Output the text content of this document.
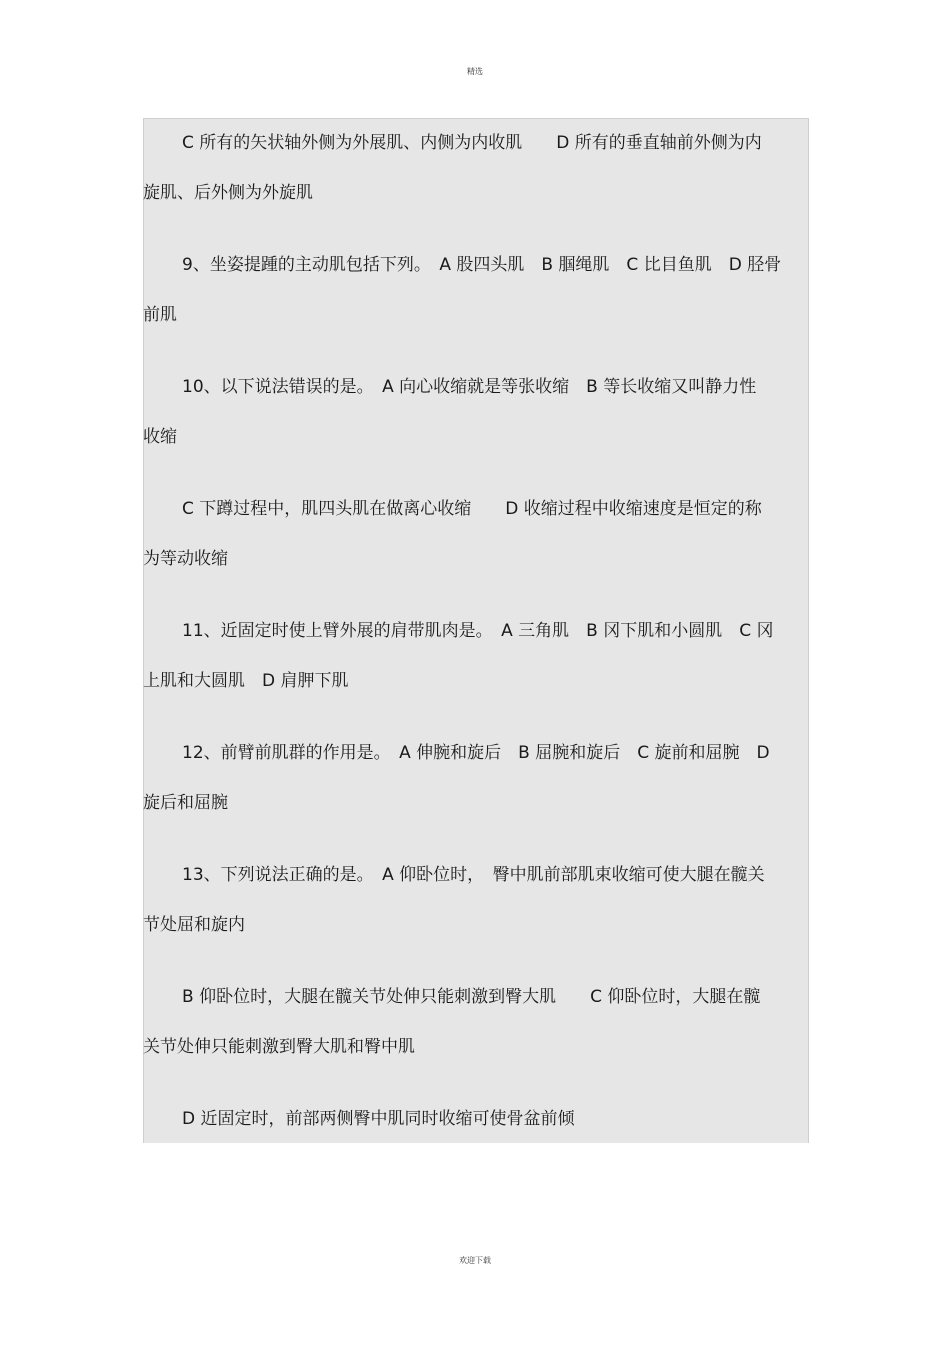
精选
C 所有的矢状轴外侧为外展肌、内侧为内收肌　　D 所有的垂直轴前外侧为内
旋肌、后外侧为外旋肌
9、坐姿提踵的主动肌包括下列。　A 股四头肌　B 腘绳肌　C 比目鱼肌　D 胫骨
前肌
10、以下说法错误的是。　A 向心收缩就是等张收缩　B 等长收缩又叫静力性
收缩
C 下蹲过程中，肌四头肌在做离心收缩　　D 收缩过程中收缩速度是恒定的称
为等动收缩
11、近固定时使上臂外展的肩带肌肉是。　A 三角肌　B 冈下肌和小圆肌　C 冈
上肌和大圆肌　D 肩胛下肌
12、前臂前肌群的作用是。　A 伸腕和旋后　B 屈腕和旋后　C 旋前和屈腕　D
旋后和屈腕
13、下列说法正确的是。　A 仰卧位时，　臀中肌前部肌束收缩可使大腿在髋关
节处屈和旋内
B 仰卧位时，大腿在髋关节处伸只能刺激到臀大肌　　C 仰卧位时，大腿在髋
关节处伸只能刺激到臀大肌和臀中肌
D 近固定时，前部两侧臀中肌同时收缩可使骨盆前倾
欢迎下载
